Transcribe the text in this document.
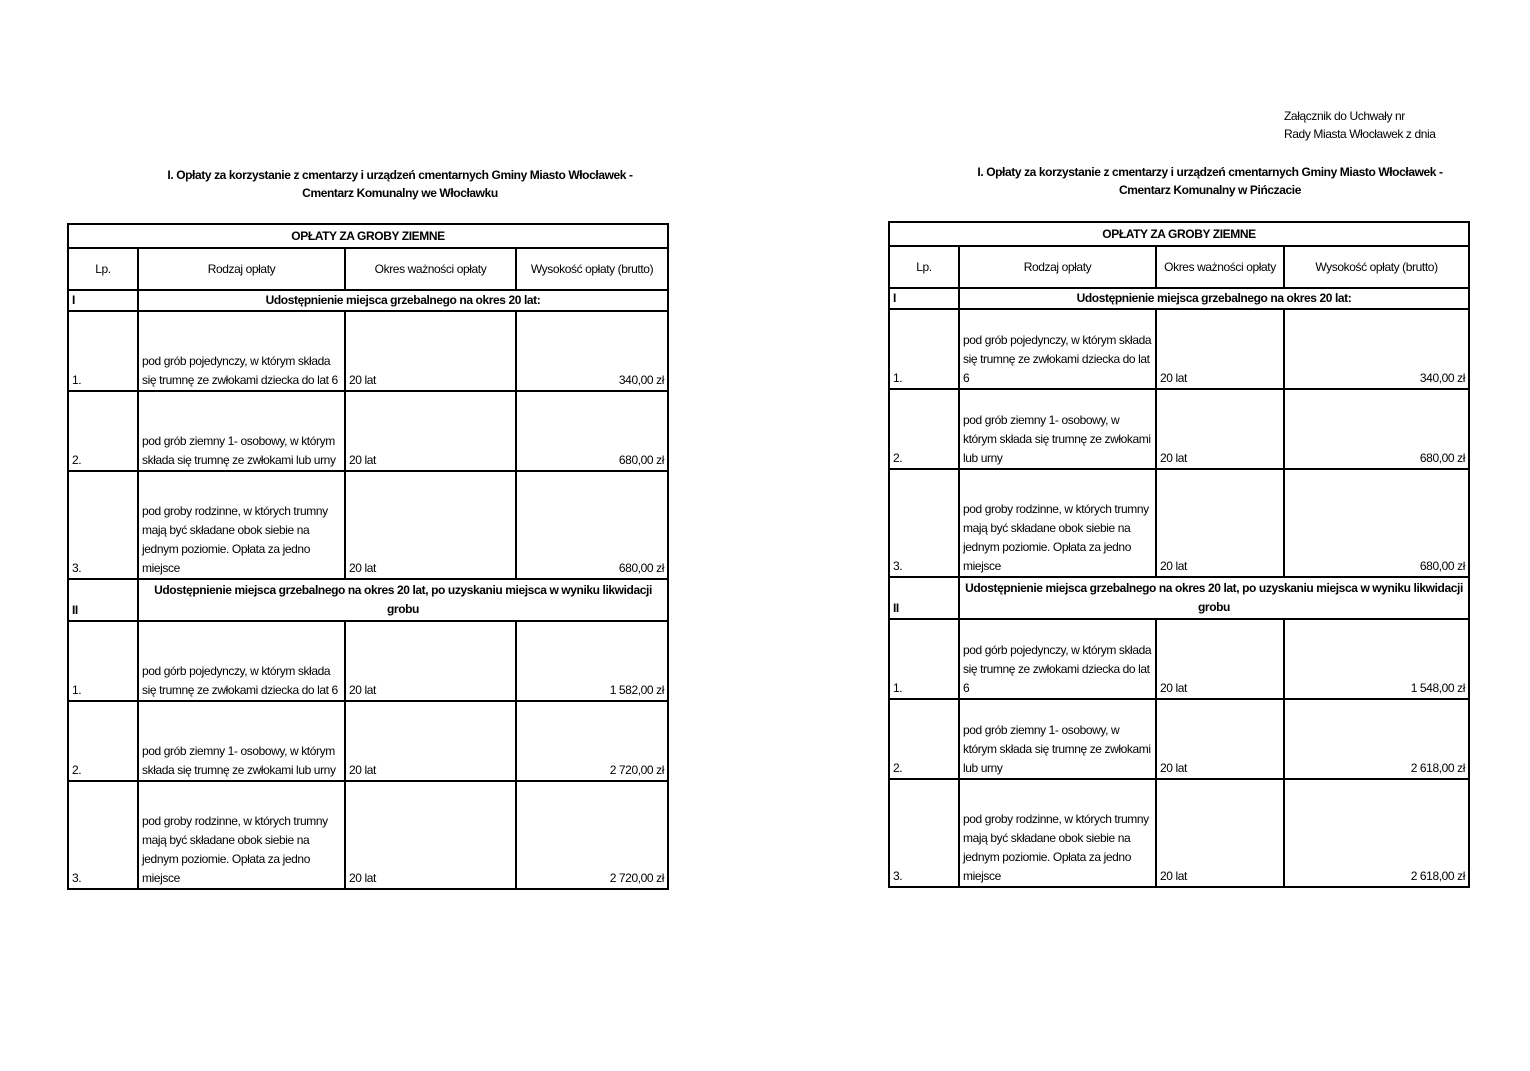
Załącznik do Uchwały nr
Rady Miasta Włocławek z dnia
I. Opłaty za korzystanie z cmentarzy i urządzeń cmentarnych Gminy Miasto Włocławek -
Cmentarz Komunalny we Włocławku
I. Opłaty za korzystanie z cmentarzy i urządzeń cmentarnych Gminy Miasto Włocławek -
Cmentarz Komunalny w Pińczacie
OPŁATY ZA GROBY ZIEMNE			
Lp.	Rodzaj opłaty	Okres ważności opłaty	Wysokość opłaty (brutto)
I	Udostępnienie miejsca grzebalnego na okres 20 lat:		
1.	pod grób pojedynczy, w którym składa się trumnę ze zwłokami dziecka do lat 6	20 lat	340,00 zł
2.	pod grób ziemny 1- osobowy, w którym składa się trumnę ze zwłokami lub urny	20 lat	680,00 zł
3.	pod groby rodzinne, w których trumny mają być składane obok siebie na jednym poziomie. Opłata za jedno miejsce	20 lat	680,00 zł
II	Udostępnienie miejsca grzebalnego na okres 20 lat, po uzyskaniu miejsca w wyniku likwidacji grobu		
1.	pod górb pojedynczy, w którym składa się trumnę ze zwłokami dziecka do lat 6	20 lat	1 582,00 zł
2.	pod grób ziemny 1- osobowy, w którym składa się trumnę ze zwłokami lub urny	20 lat	2 720,00 zł
3.	pod groby rodzinne, w których trumny mają być składane obok siebie na jednym poziomie. Opłata za jedno miejsce	20 lat	2 720,00 zł
OPŁATY ZA GROBY ZIEMNE			
Lp.	Rodzaj opłaty	Okres ważności opłaty	Wysokość opłaty (brutto)
I	Udostępnienie miejsca grzebalnego na okres 20 lat:		
1.	pod grób pojedynczy, w którym składa się trumnę ze zwłokami dziecka do lat 6	20 lat	340,00 zł
2.	pod grób ziemny 1- osobowy, w którym składa się trumnę ze zwłokami lub urny	20 lat	680,00 zł
3.	pod groby rodzinne, w których trumny mają być składane obok siebie na jednym poziomie. Opłata za jedno miejsce	20 lat	680,00 zł
II	Udostępnienie miejsca grzebalnego na okres 20 lat, po uzyskaniu miejsca w wyniku likwidacji grobu		
1.	pod górb pojedynczy, w którym składa się trumnę ze zwłokami dziecka do lat 6	20 lat	1 548,00 zł
2.	pod grób ziemny 1- osobowy, w którym składa się trumnę ze zwłokami lub urny	20 lat	2 618,00 zł
3.	pod groby rodzinne, w których trumny mają być składane obok siebie na jednym poziomie. Opłata za jedno miejsce	20 lat	2 618,00 zł
